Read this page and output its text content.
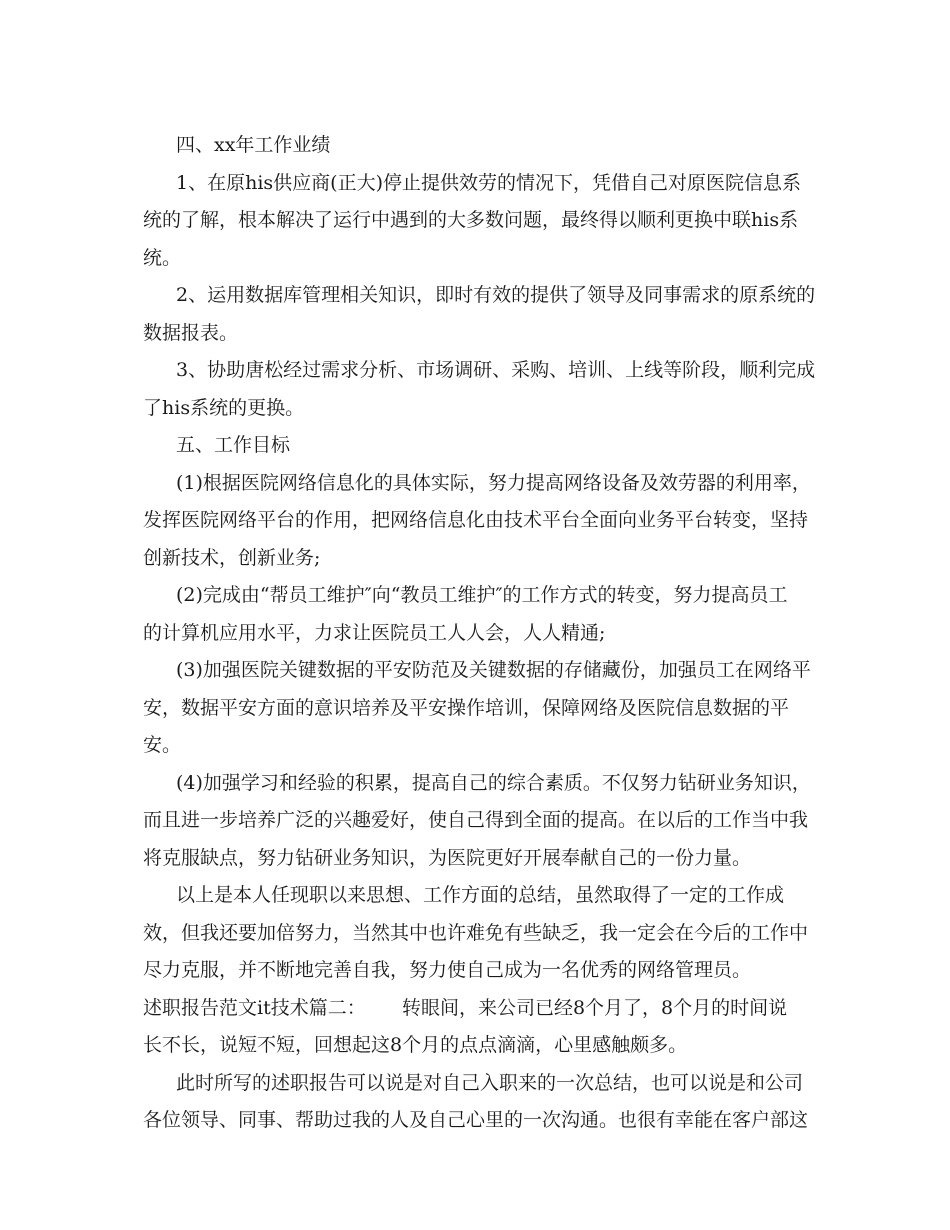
四、xx年工作业绩
1、在原his供应商(正大)停止提供效劳的情况下，凭借自己对原医院信息系
统的了解，根本解决了运行中遇到的大多数问题，最终得以顺利更换中联his系
统。
2、运用数据库管理相关知识，即时有效的提供了领导及同事需求的原系统的
数据报表。
3、协助唐松经过需求分析、市场调研、采购、培训、上线等阶段，顺利完成
了his系统的更换。
五、工作目标
(1)根据医院网络信息化的具体实际，努力提高网络设备及效劳器的利用率，
发挥医院网络平台的作用，把网络信息化由技术平台全面向业务平台转变，坚持
创新技术，创新业务;
(2)完成由“帮员工维护″向“教员工维护″的工作方式的转变，努力提高员工
的计算机应用水平，力求让医院员工人人会，人人精通;
(3)加强医院关键数据的平安防范及关键数据的存储藏份，加强员工在网络平
安，数据平安方面的意识培养及平安操作培训，保障网络及医院信息数据的平
安。
(4)加强学习和经验的积累，提高自己的综合素质。不仅努力钻研业务知识，
而且进一步培养广泛的兴趣爱好，使自己得到全面的提高。在以后的工作当中我
将克服缺点，努力钻研业务知识，为医院更好开展奉献自己的一份力量。
以上是本人任现职以来思想、工作方面的总结，虽然取得了一定的工作成
效，但我还要加倍努力，当然其中也许难免有些缺乏，我一定会在今后的工作中
尽力克服，并不断地完善自我，努力使自己成为一名优秀的网络管理员。
述职报告范文it技术篇二：      转眼间，来公司已经8个月了，8个月的时间说
长不长，说短不短，回想起这8个月的点点滴滴，心里感触颇多。
此时所写的述职报告可以说是对自己入职来的一次总结，也可以说是和公司
各位领导、同事、帮助过我的人及自己心里的一次沟通。也很有幸能在客户部这
